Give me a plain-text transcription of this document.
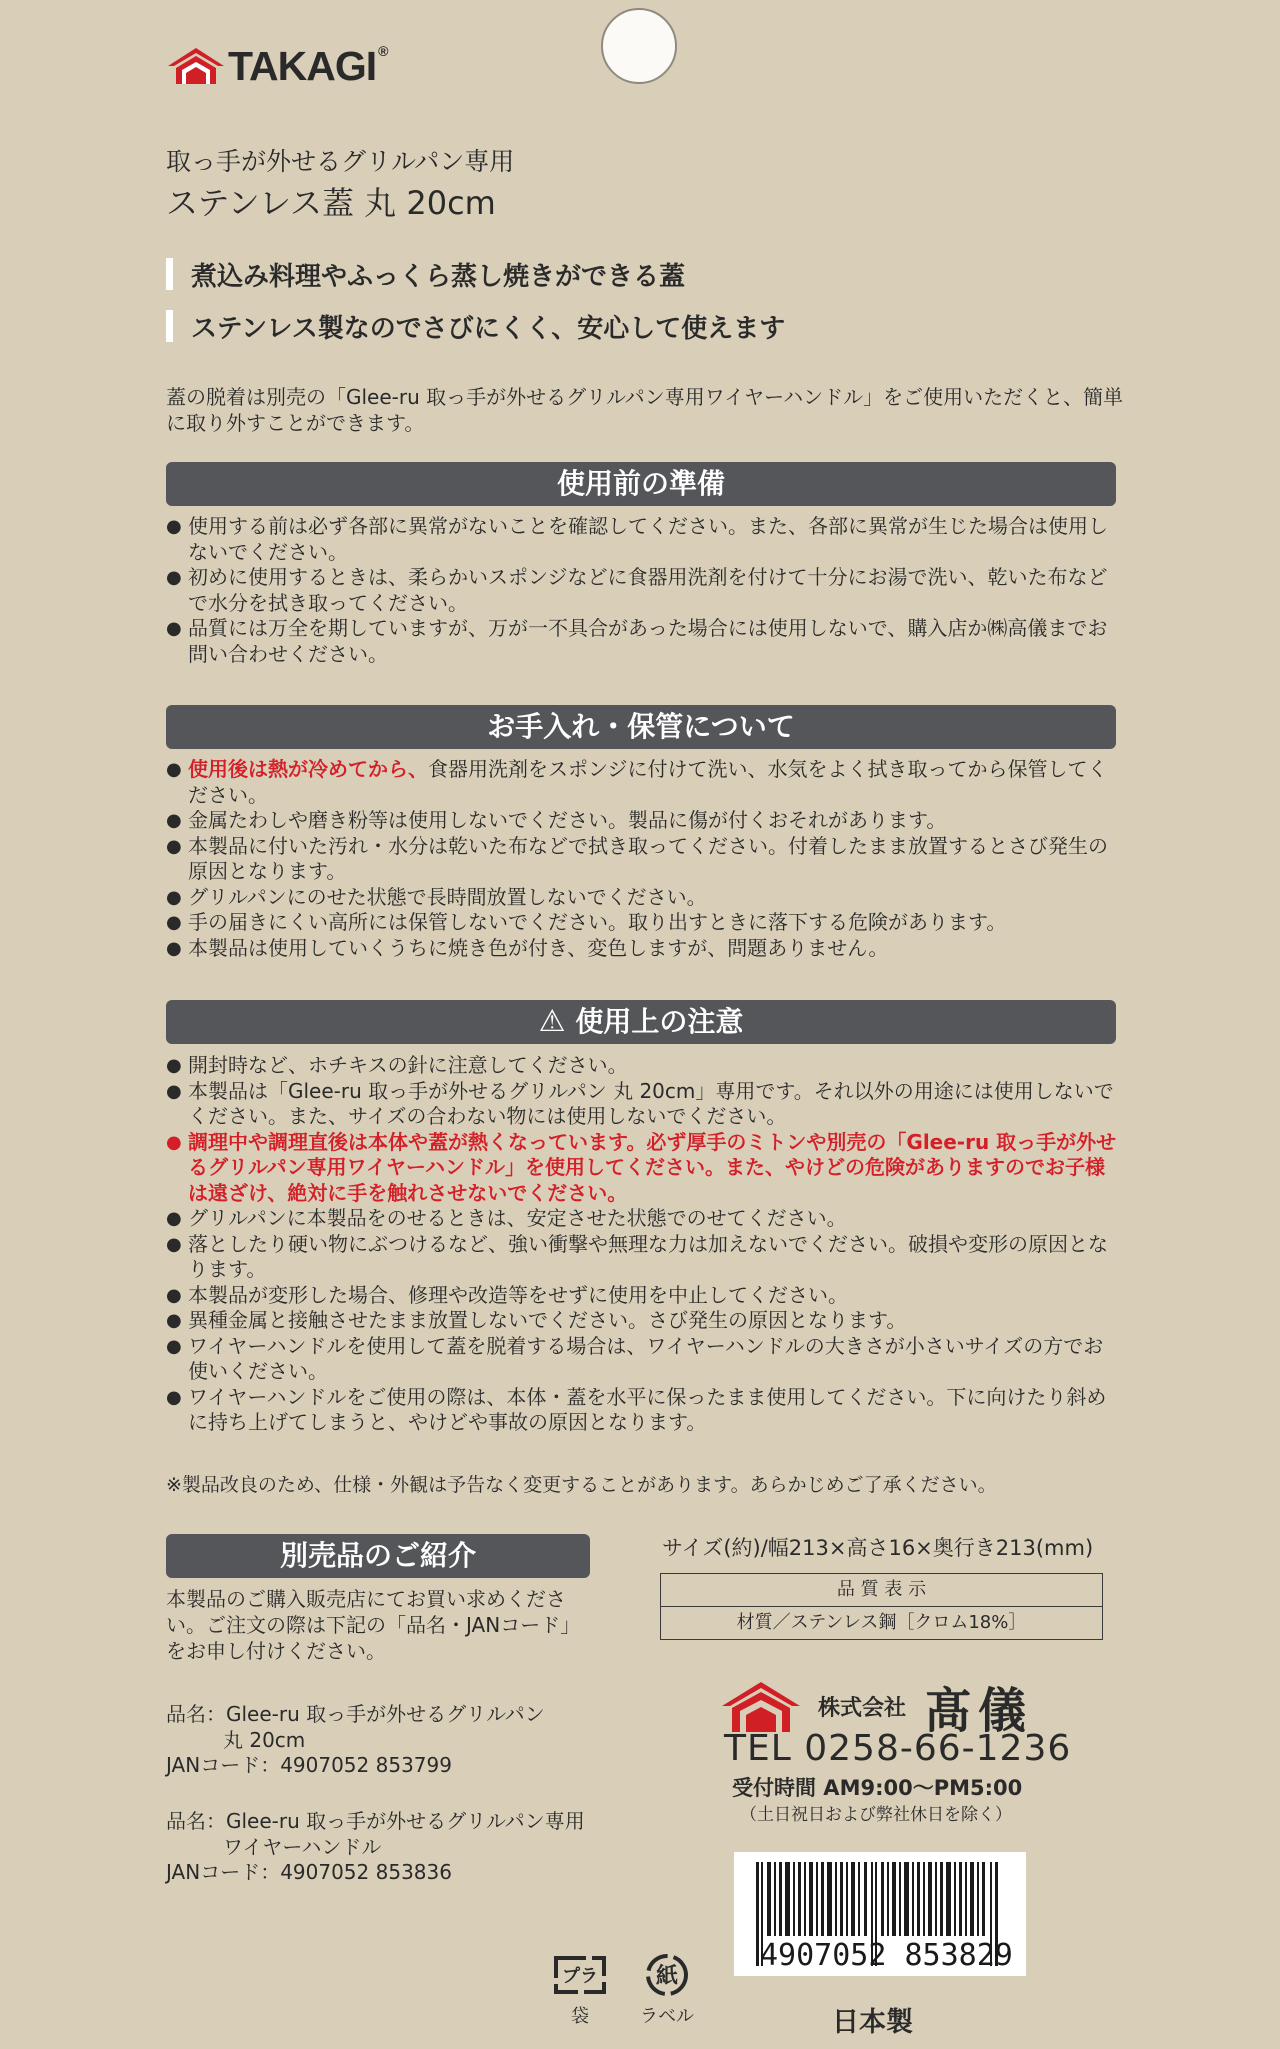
TAKAGI ®
取っ手が外せるグリルパン専用
ステンレス蓋 丸 20cm
煮込み料理やふっくら蒸し焼きができる蓋
ステンレス製なのでさびにくく、安心して使えます
蓋の脱着は別売の「Glee-ru 取っ手が外せるグリルパン専用ワイヤーハンドル」をご使用いただくと、簡単に取り外すことができます。
使用前の準備
● 使用する前は必ず各部に異常がないことを確認してください。また、各部に異常が生じた場合は使用しないでください。
● 初めに使用するときは、柔らかいスポンジなどに食器用洗剤を付けて十分にお湯で洗い、乾いた布などで水分を拭き取ってください。
● 品質には万全を期していますが、万が一不具合があった場合には使用しないで、購入店か㈱高儀までお問い合わせください。
お手入れ・保管について
● 使用後は熱が冷めてから、食器用洗剤をスポンジに付けて洗い、水気をよく拭き取ってから保管してください。
● 金属たわしや磨き粉等は使用しないでください。製品に傷が付くおそれがあります。
● 本製品に付いた汚れ・水分は乾いた布などで拭き取ってください。付着したまま放置するとさび発生の原因となります。
● グリルパンにのせた状態で長時間放置しないでください。
● 手の届きにくい高所には保管しないでください。取り出すときに落下する危険があります。
● 本製品は使用していくうちに焼き色が付き、変色しますが、問題ありません。
⚠ 使用上の注意
● 開封時など、ホチキスの針に注意してください。
● 本製品は「Glee-ru 取っ手が外せるグリルパン 丸 20cm」専用です。それ以外の用途には使用しないでください。また、サイズの合わない物には使用しないでください。
● 調理中や調理直後は本体や蓋が熱くなっています。必ず厚手のミトンや別売の「Glee-ru 取っ手が外せるグリルパン専用ワイヤーハンドル」を使用してください。また、やけどの危険がありますのでお子様は遠ざけ、絶対に手を触れさせないでください。
● グリルパンに本製品をのせるときは、安定させた状態でのせてください。
● 落としたり硬い物にぶつけるなど、強い衝撃や無理な力は加えないでください。破損や変形の原因となります。
● 本製品が変形した場合、修理や改造等をせずに使用を中止してください。
● 異種金属と接触させたまま放置しないでください。さび発生の原因となります。
● ワイヤーハンドルを使用して蓋を脱着する場合は、ワイヤーハンドルの大きさが小さいサイズの方でお使いください。
● ワイヤーハンドルをご使用の際は、本体・蓋を水平に保ったまま使用してください。下に向けたり斜めに持ち上げてしまうと、やけどや事故の原因となります。
※製品改良のため、仕様・外観は予告なく変更することがあります。あらかじめご了承ください。
別売品のご紹介
本製品のご購入販売店にてお買い求めください。ご注文の際は下記の「品名・JANコード」をお申し付けください。
品名：Glee-ru 取っ手が外せるグリルパン
丸 20cm
JANコード：4907052 853799
品名：Glee-ru 取っ手が外せるグリルパン専用
ワイヤーハンドル
JANコード：4907052 853836
サイズ(約)/幅213×高さ16×奥行き213(mm)
品 質 表 示
材質／ステンレス鋼［クロム18%］
株式会社 髙儀
TEL 0258-66-1236
受付時間 AM9:00〜PM5:00
（土日祝日および弊社休日を除く）
4907052 853829
プラ
袋
紙
ラベル	日本製
